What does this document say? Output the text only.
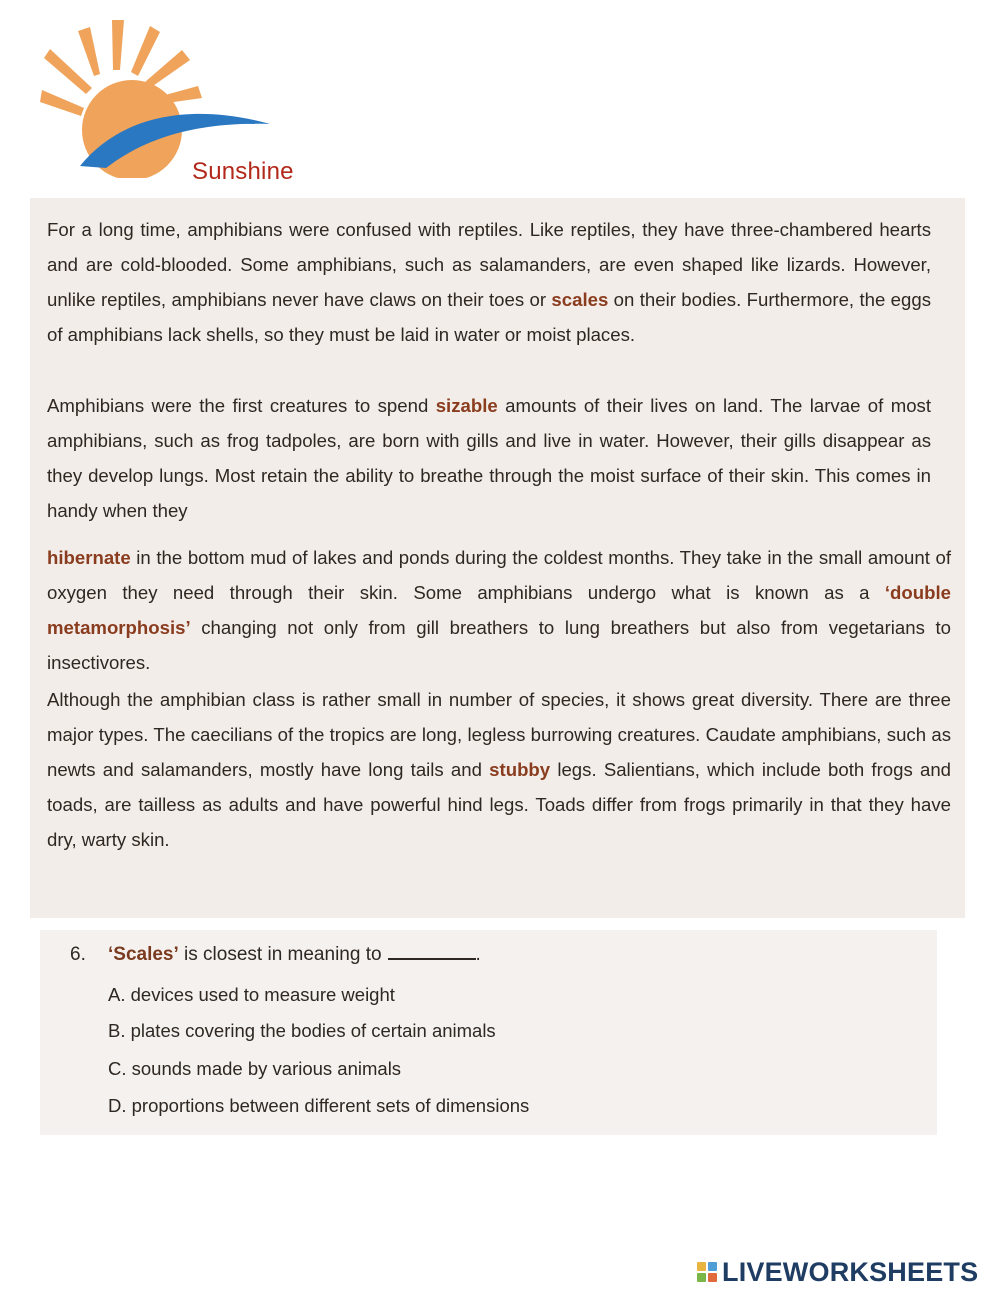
Sunshine

For a long time, amphibians were confused with reptiles. Like reptiles, they have three-chambered hearts and are cold-blooded. Some amphibians, such as salamanders, are even shaped like lizards. However, unlike reptiles, amphibians never have claws on their toes or scales on their bodies. Furthermore, the eggs of amphibians lack shells, so they must be laid in water or moist places.

Amphibians were the first creatures to spend sizable amounts of their lives on land. The larvae of most amphibians, such as frog tadpoles, are born with gills and live in water. However, their gills disappear as they develop lungs. Most retain the ability to breathe through the moist surface of their skin. This comes in handy when they

hibernate in the bottom mud of lakes and ponds during the coldest months. They take in the small amount of oxygen they need through their skin. Some amphibians undergo what is known as a ‘double metamorphosis’ changing not only from gill breathers to lung breathers but also from vegetarians to insectivores.

Although the amphibian class is rather small in number of species, it shows great diversity. There are three major types. The caecilians of the tropics are long, legless burrowing creatures. Caudate amphibians, such as newts and salamanders, mostly have long tails and stubby legs. Salientians, which include both frogs and toads, are tailless as adults and have powerful hind legs. Toads differ from frogs primarily in that they have dry, warty skin.

6. ‘Scales’ is closest in meaning to	.
A. devices used to measure weight
B. plates covering the bodies of certain animals
C. sounds made by various animals
D. proportions between different sets of dimensions
LIVEWORKSHEETS
